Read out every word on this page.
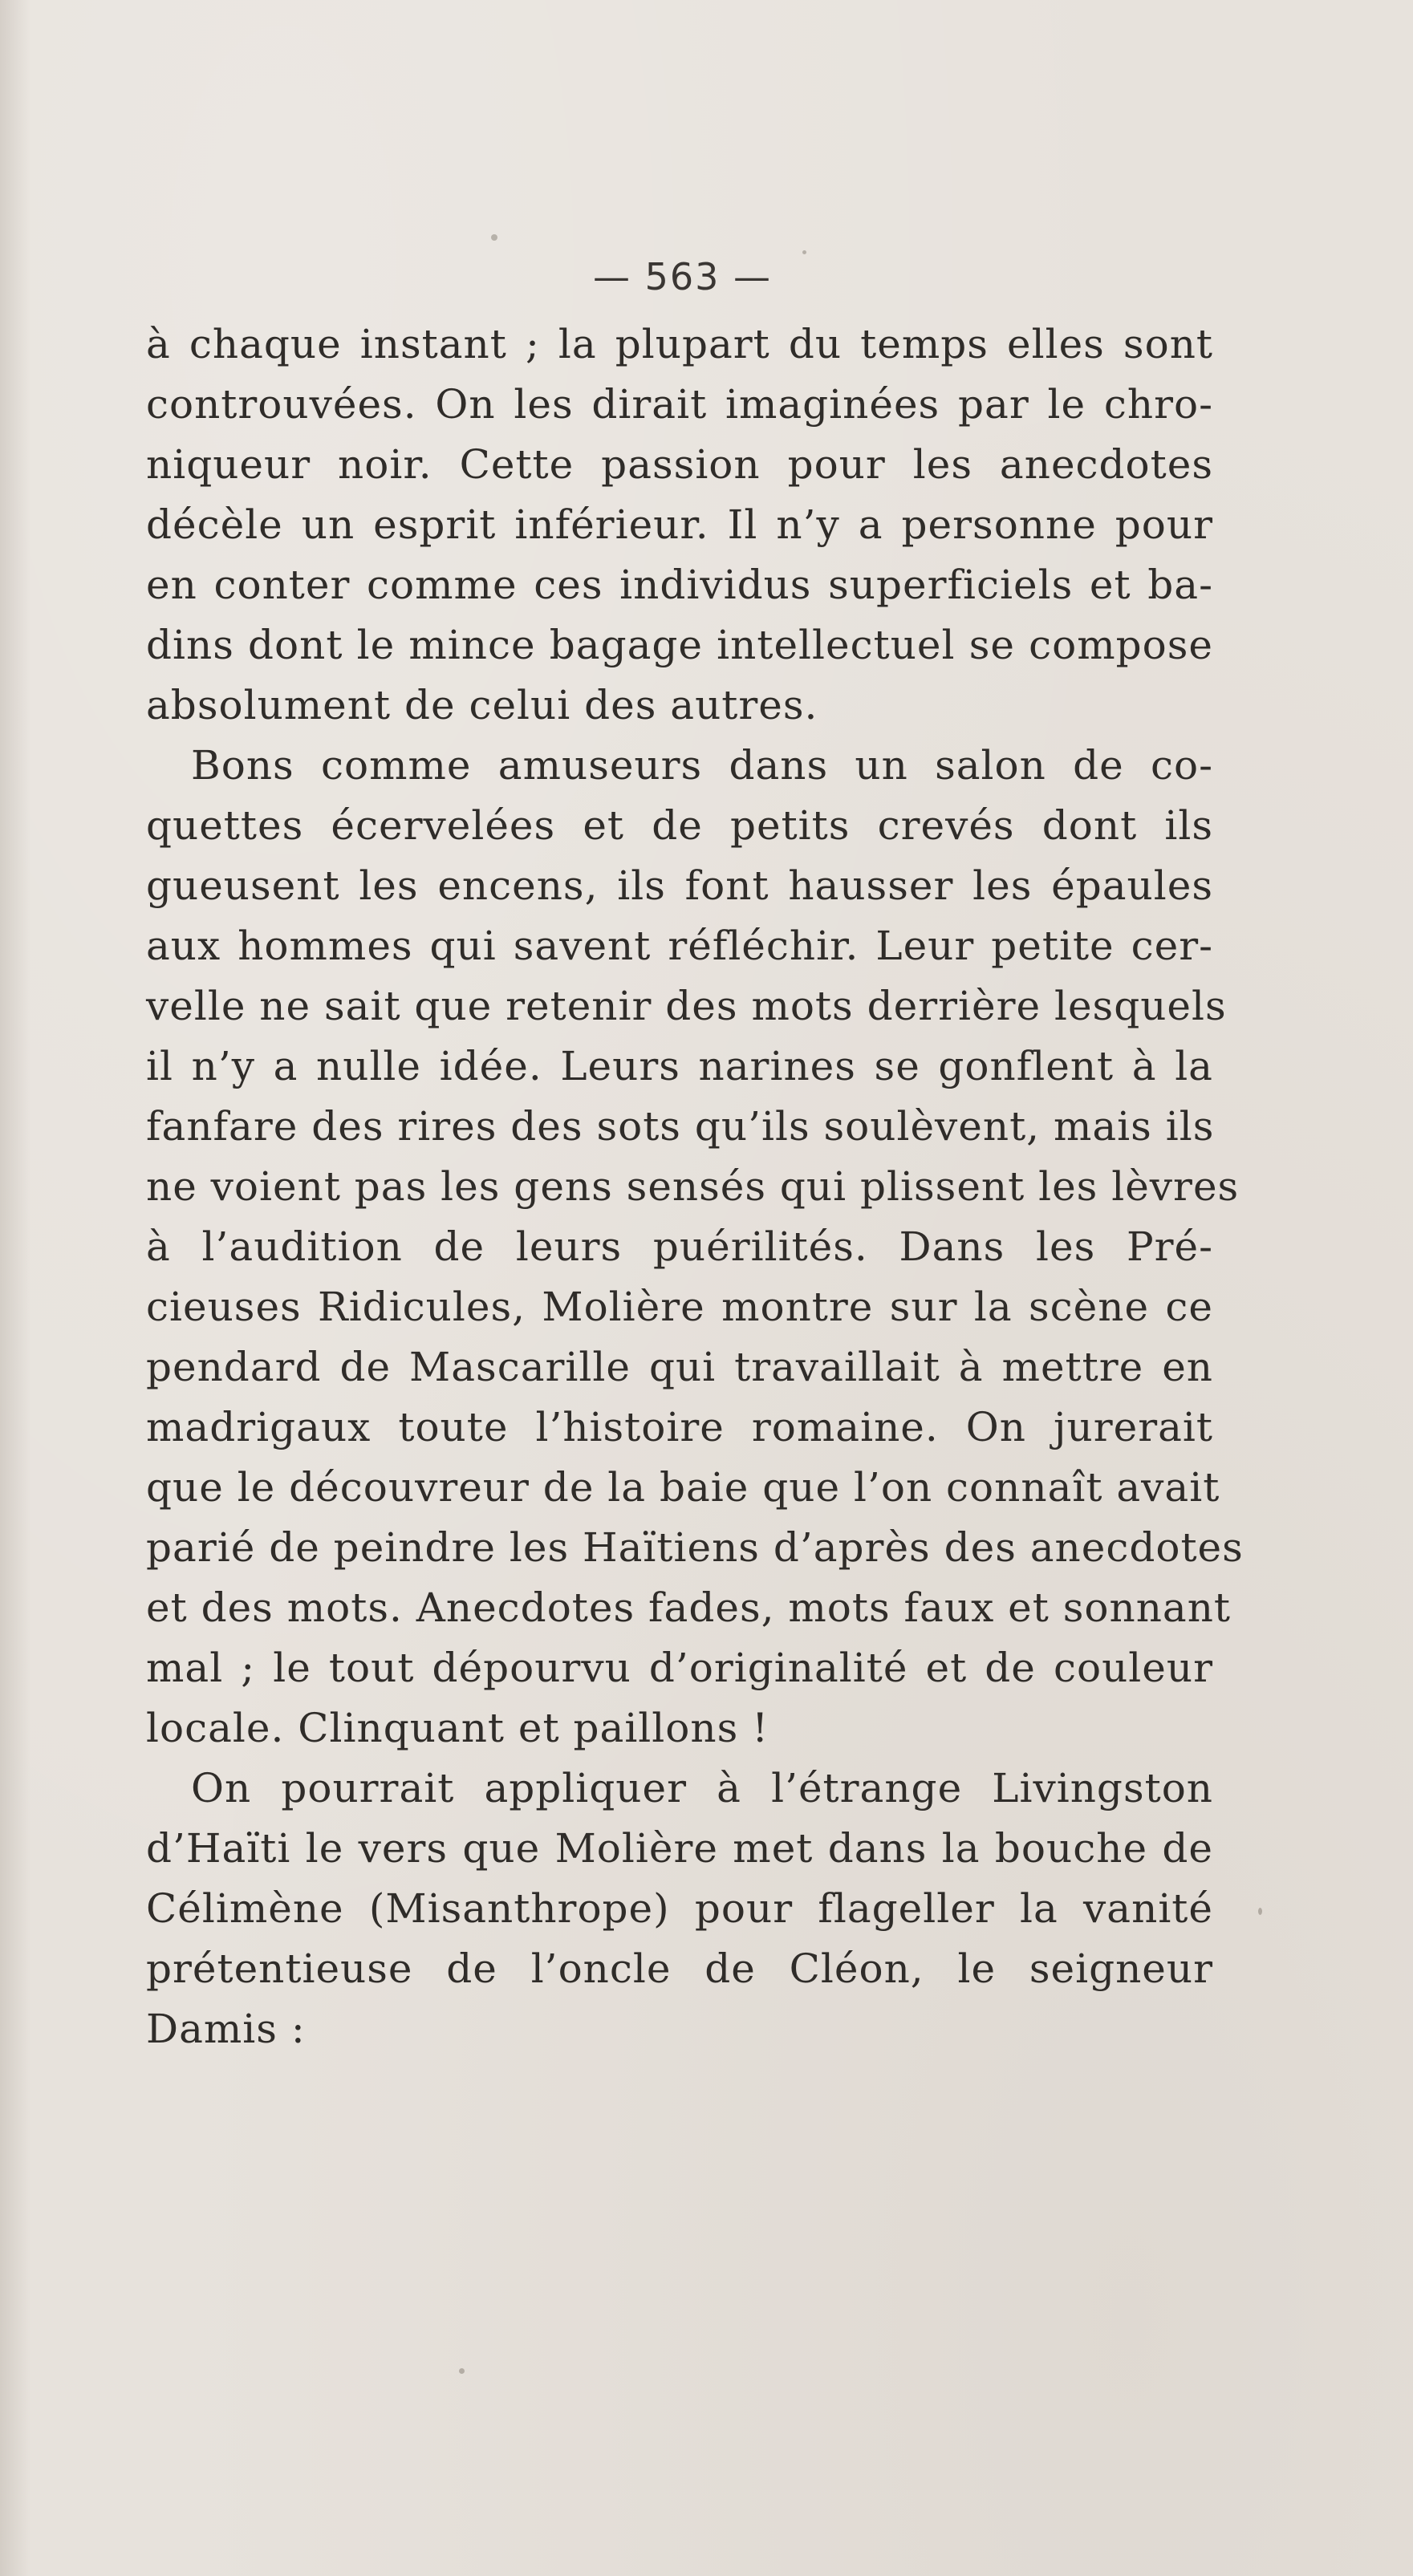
— 563 —
à chaque instant ; la plupart du temps elles sont
controuvées. On les dirait imaginées par le chro-
niqueur noir. Cette passion pour les anecdotes
décèle un esprit inférieur. Il n’y a personne pour
en conter comme ces individus superficiels et ba-
dins dont le mince bagage intellectuel se compose
absolument de celui des autres.
Bons comme amuseurs dans un salon de co-
quettes écervelées et de petits crevés dont ils
gueusent les encens, ils font hausser les épaules
aux hommes qui savent réfléchir. Leur petite cer-
velle ne sait que retenir des mots derrière lesquels
il n’y a nulle idée. Leurs narines se gonflent à la
fanfare des rires des sots qu’ils soulèvent, mais ils
ne voient pas les gens sensés qui plissent les lèvres
à l’audition de leurs puérilités. Dans les Pré-
cieuses Ridicules, Molière montre sur la scène ce
pendard de Mascarille qui travaillait à mettre en
madrigaux toute l’histoire romaine. On jurerait
que le découvreur de la baie que l’on connaît avait
parié de peindre les Haïtiens d’après des anecdotes
et des mots. Anecdotes fades, mots faux et sonnant
mal ; le tout dépourvu d’originalité et de couleur
locale. Clinquant et paillons !
On pourrait appliquer à l’étrange Livingston
d’Haïti le vers que Molière met dans la bouche de
Célimène (Misanthrope) pour flageller la vanité
prétentieuse de l’oncle de Cléon, le seigneur
Damis :
